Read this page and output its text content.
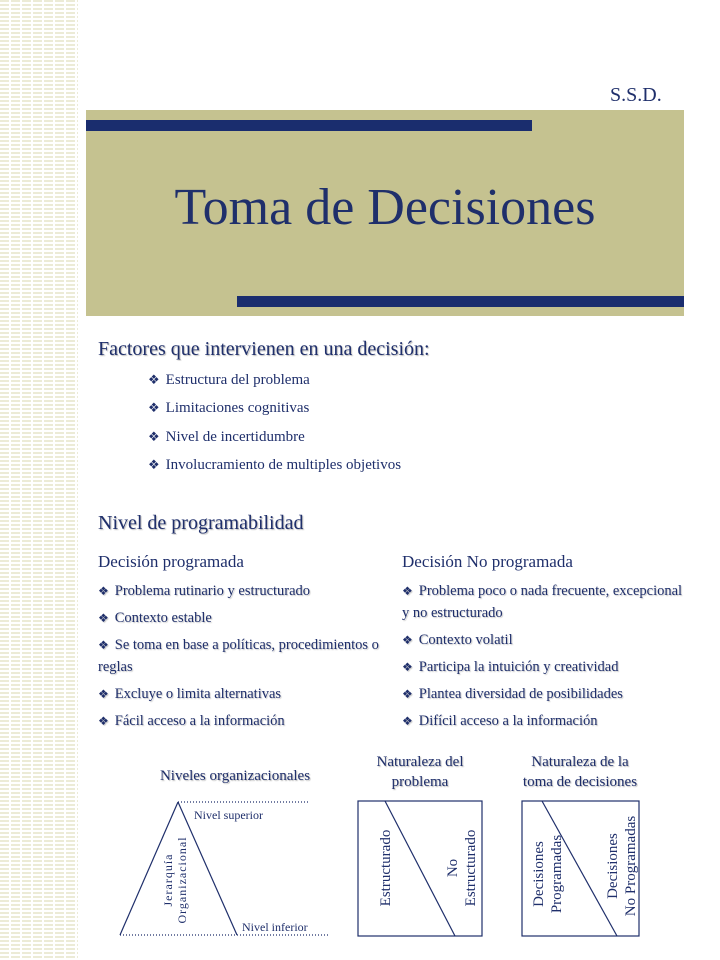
S.S.D.
Toma de Decisiones
Factores que intervienen en una decisión:
❖ Estructura del problema
❖ Limitaciones cognitivas
❖ Nivel de incertidumbre
❖ Involucramiento de multiples objetivos
Nivel de programabilidad
Decisión programada
❖ Problema rutinario y estructurado
❖ Contexto estable
❖ Se toma en base a políticas, procedimientos o reglas
❖ Excluye o limita alternativas
❖ Fácil acceso a la información
Decisión No programada
❖ Problema poco o nada frecuente, excepcional y no estructurado
❖ Contexto volatil
❖ Participa la intuición y creatividad
❖ Plantea diversidad de posibilidades
❖ Difícil acceso a la información
Niveles organizacionales
Nivel superior
Nivel inferior
Jerarquía Organizacional
Naturaleza del
problema
Estructurado	No Estructurado
Naturaleza de la
toma de decisiones
Decisiones Programadas	Decisiones No Programadas
